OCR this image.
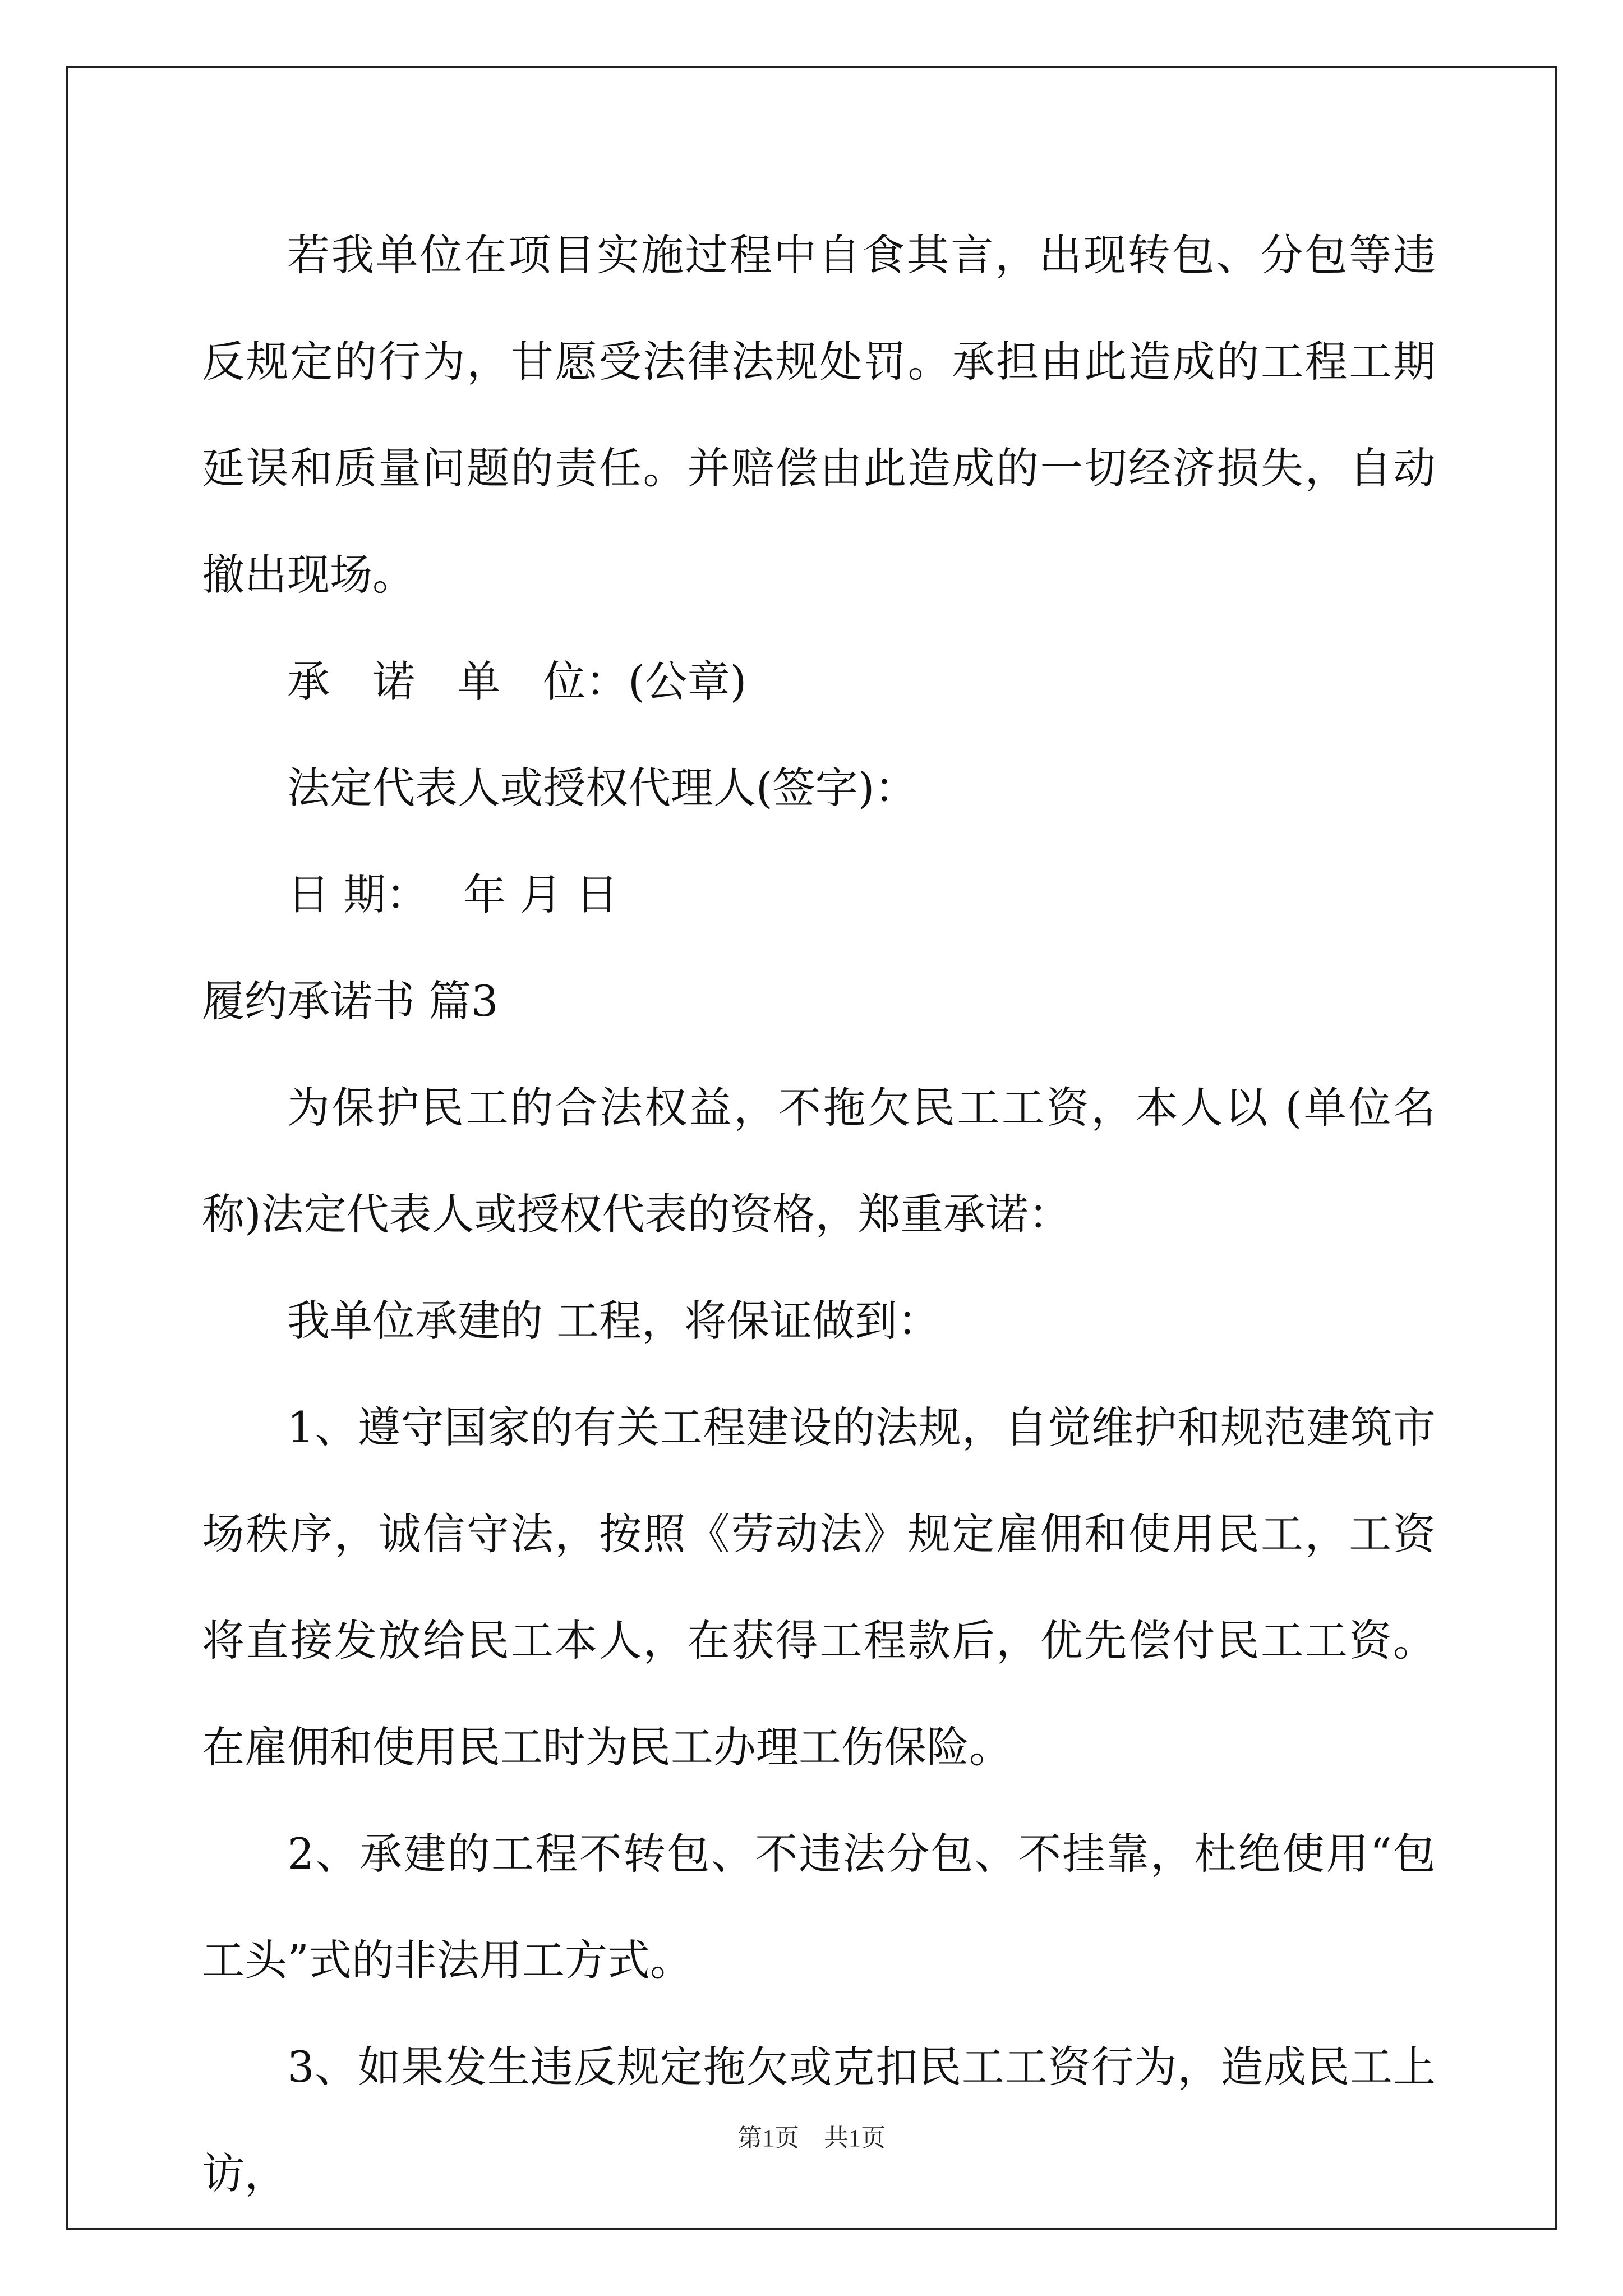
若我单位在项目实施过程中自食其言，出现转包、分包等违反规定的行为，甘愿受法律法规处罚。承担由此造成的工程工期延误和质量问题的责任。并赔偿由此造成的一切经济损失，自动撤出现场。

承　诺　单　位：(公章)

法定代表人或授权代理人(签字)：

日 期：　 年 月 日

履约承诺书 篇3

为保护民工的合法权益，不拖欠民工工资，本人以 (单位名称)法定代表人或授权代表的资格，郑重承诺：

我单位承建的 工程，将保证做到：

1、遵守国家的有关工程建设的法规，自觉维护和规范建筑市场秩序，诚信守法，按照《劳动法》规定雇佣和使用民工，工资将直接发放给民工本人，在获得工程款后，优先偿付民工工资。在雇佣和使用民工时为民工办理工伤保险。

2、承建的工程不转包、不违法分包、不挂靠，杜绝使用“包工头”式的非法用工方式。

3、如果发生违反规定拖欠或克扣民工工资行为，造成民工上访，

第1页　共1页
